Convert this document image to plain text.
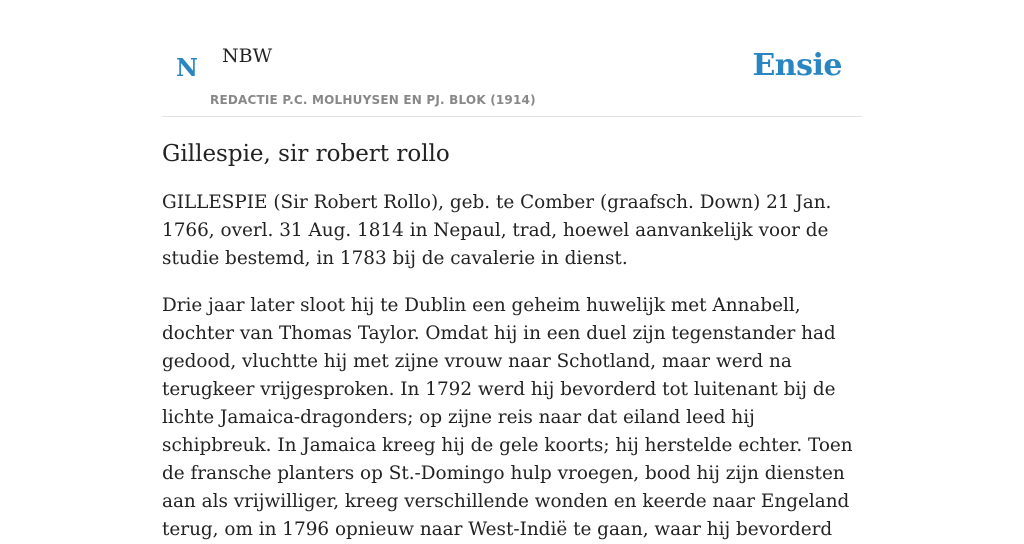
N NBW
REDACTIE P.C. MOLHUYSEN EN PJ. BLOK (1914)
Ensie
Gillespie, sir robert rollo

GILLESPIE (Sir Robert Rollo), geb. te Comber (graafsch. Down) 21 Jan. 1766, overl. 31 Aug. 1814 in Nepaul, trad, hoewel aanvankelijk voor de studie bestemd, in 1783 bij de cavalerie in dienst.

Drie jaar later sloot hij te Dublin een geheim huwelijk met Annabell, dochter van Thomas Taylor. Omdat hij in een duel zijn tegenstander had gedood, vluchtte hij met zijne vrouw naar Schotland, maar werd na terugkeer vrijgesproken. In 1792 werd hij bevorderd tot luitenant bij de lichte Jamaica-dragonders; op zijne reis naar dat eiland leed hij schipbreuk. In Jamaica kreeg hij de gele koorts; hij herstelde echter. Toen de fransche planters op St.-Domingo hulp vroegen, bood hij zijn diensten aan als vrijwilliger, kreeg verschillende wonden en keerde naar Engeland terug, om in 1796 opnieuw naar West-Indië te gaan, waar hij bevorderd
